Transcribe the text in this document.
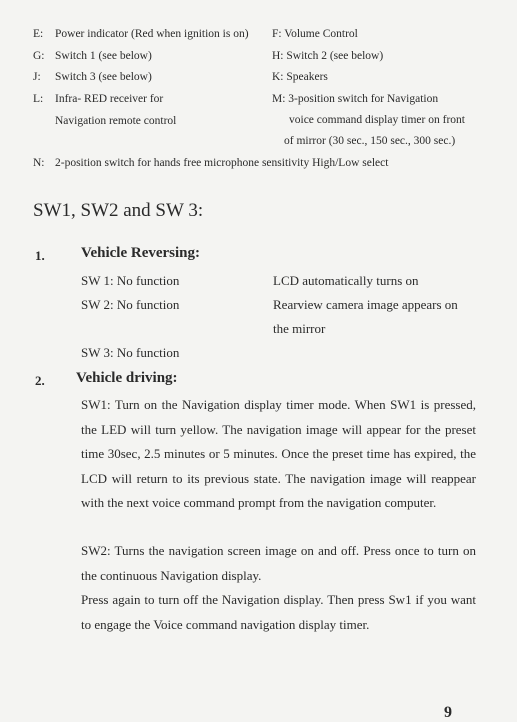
E: Power indicator (Red when ignition is on) F: Volume Control
G: Switch 1 (see below)	H: Switch 2 (see below)
J: Switch 3 (see below)	K: Speakers
L: Infra- RED receiver for
Navigation remote control
M: 3-position switch for Navigation
voice command display timer on front
of mirror (30 sec., 150 sec., 300 sec.)
N: 2-position switch for hands free microphone sensitivity High/Low select
SW1, SW2 and SW 3:
1. Vehicle Reversing:
SW 1: No function	LCD automatically turns on
SW 2: No function	Rearview camera image appears on
the mirror
SW 3: No function
2. Vehicle driving:

SW1: Turn on the Navigation display timer mode. When SW1 is pressed, the LED will turn yellow. The navigation image will appear for the preset time 30sec, 2.5 minutes or 5 minutes. Once the preset time has expired, the LCD will return to its previous state. The navigation image will reappear with the next voice command prompt from the navigation computer.

SW2: Turns the navigation screen image on and off. Press once to turn on the continuous Navigation display.

Press again to turn off the Navigation display. Then press Sw1 if you want to engage the Voice command navigation display timer.

9
